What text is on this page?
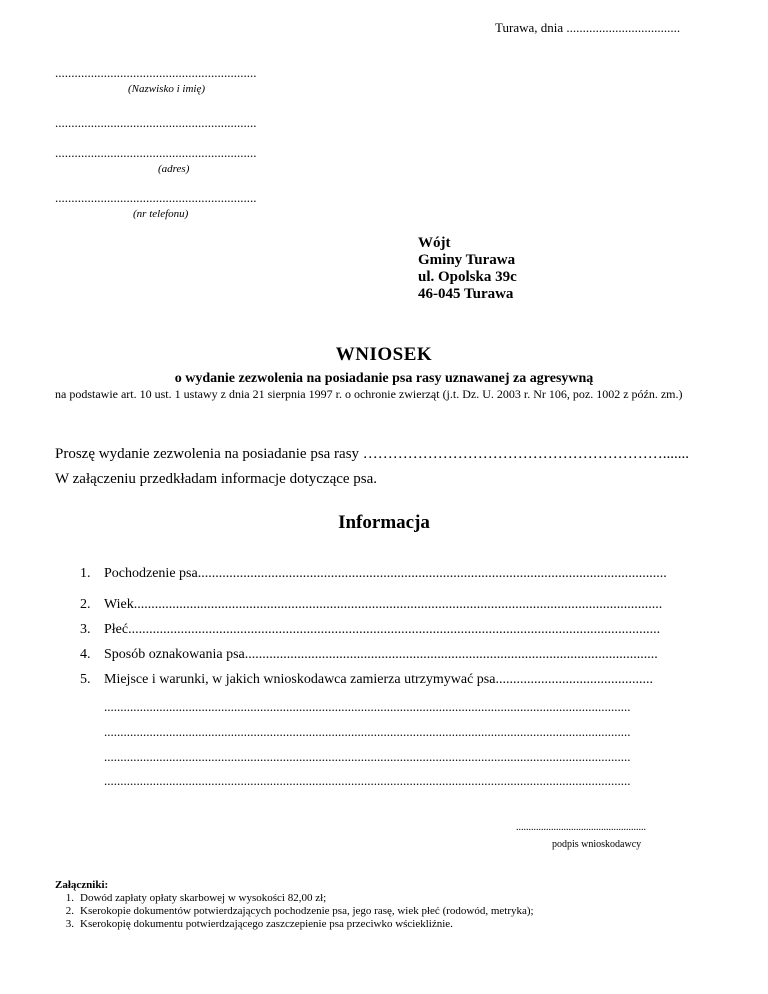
Turawa, dnia ...................................
..............................................................
(Nazwisko i imię)
..............................................................
..............................................................
(adres)
..............................................................
(nr telefonu)
Wójt
Gminy Turawa
ul. Opolska 39c
46-045 Turawa
WNIOSEK
o wydanie zezwolenia na posiadanie psa rasy uznawanej za agresywną
na podstawie art. 10 ust. 1 ustawy z dnia 21 sierpnia 1997 r. o ochronie zwierząt (j.t. Dz. U. 2003 r. Nr 106, poz. 1002 z późn. zm.)
Proszę wydanie zezwolenia na posiadanie psa rasy …………………………………………………….......
W załączeniu przedkładam informacje dotyczące psa.
Informacja
1. Pochodzenie psa......................................................................................................................................
2. Wiek.......................................................................................................................................................
3. Płeć........................................................................................................................................................
4. Sposób oznakowania psa......................................................................................................................
5. Miejsce i warunki, w jakich wnioskodawca zamierza utrzymywać psa.............................................
..................................................................................................................................................................
..................................................................................................................................................................
..................................................................................................................................................................
..................................................................................................................................................................
....................................................
podpis wnioskodawcy
Załączniki:
1. Dowód zapłaty opłaty skarbowej w wysokości 82,00 zł;
2. Kserokopie dokumentów potwierdzających pochodzenie psa, jego rasę, wiek płeć (rodowód, metryka);
3. Kserokopię dokumentu potwierdzającego zaszczepienie psa przeciwko wściekliźnie.
